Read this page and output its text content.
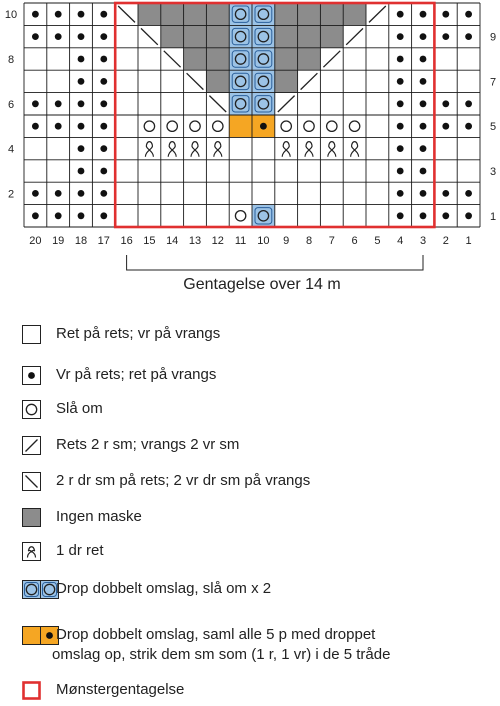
20 19 18 17 16 15 14 13 12 11 10 9 8 7 6 5 4 3 2 1
10
8
6
4
2
9
7
5
3
1
Gentagelse over 14 m
Ret på rets; vr på vrangs
Vr på rets; ret på vrangs
Slå om
Rets 2 r sm; vrangs 2 vr sm
2 r dr sm på rets; 2 vr dr sm på vrangs
Ingen maske
1 dr ret
Drop dobbelt omslag, slå om x 2
Drop dobbelt omslag, saml alle 5 p med droppet
omslag op, strik dem sm som (1 r, 1 vr) i de 5 tråde
Mønstergentagelse
